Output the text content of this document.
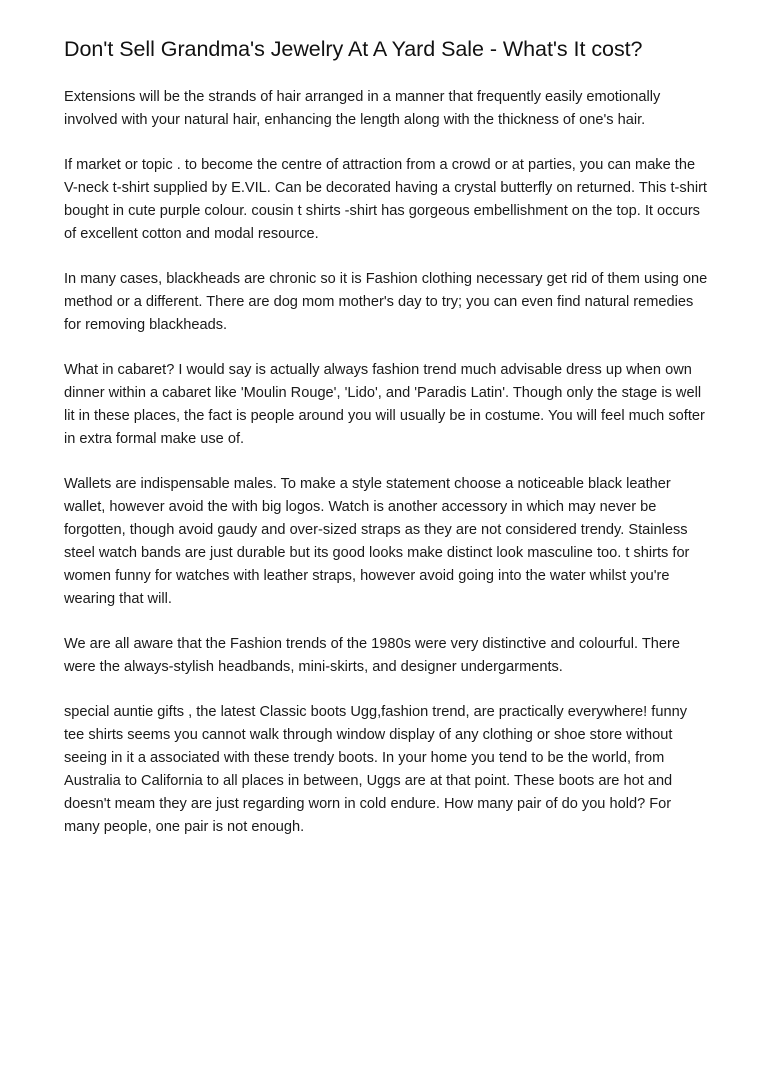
Don't Sell Grandma's Jewelry At A Yard Sale - What's It cost?

Extensions will be the strands of hair arranged in a manner that frequently easily emotionally involved with your natural hair, enhancing the length along with the thickness of one's hair.

If market or topic . to become the centre of attraction from a crowd or at parties, you can make the V-neck t-shirt supplied by E.VIL. Can be decorated having a crystal butterfly on returned. This t-shirt bought in cute purple colour. cousin t shirts -shirt has gorgeous embellishment on the top. It occurs of excellent cotton and modal resource.

In many cases, blackheads are chronic so it is Fashion clothing necessary get rid of them using one method or a different. There are dog mom mother's day to try; you can even find natural remedies for removing blackheads.

What in cabaret? I would say is actually always fashion trend much advisable dress up when own dinner within a cabaret like 'Moulin Rouge', 'Lido', and 'Paradis Latin'. Though only the stage is well lit in these places, the fact is people around you will usually be in costume. You will feel much softer in extra formal make use of.

Wallets are indispensable males. To make a style statement choose a noticeable black leather wallet, however avoid the with big logos. Watch is another accessory in which may never be forgotten, though avoid gaudy and over-sized straps as they are not considered trendy. Stainless steel watch bands are just durable but its good looks make distinct look masculine too. t shirts for women funny for watches with leather straps, however avoid going into the water whilst you're wearing that will.

We are all aware that the Fashion trends of the 1980s were very distinctive and colourful. There were the always-stylish headbands, mini-skirts, and designer undergarments.

special auntie gifts , the latest Classic boots Ugg,fashion trend, are practically everywhere! funny tee shirts seems you cannot walk through window display of any clothing or shoe store without seeing in it a associated with these trendy boots. In your home you tend to be the world, from Australia to California to all places in between, Uggs are at that point. These boots are hot and doesn't meam they are just regarding worn in cold endure. How many pair of do you hold? For many people, one pair is not enough.
